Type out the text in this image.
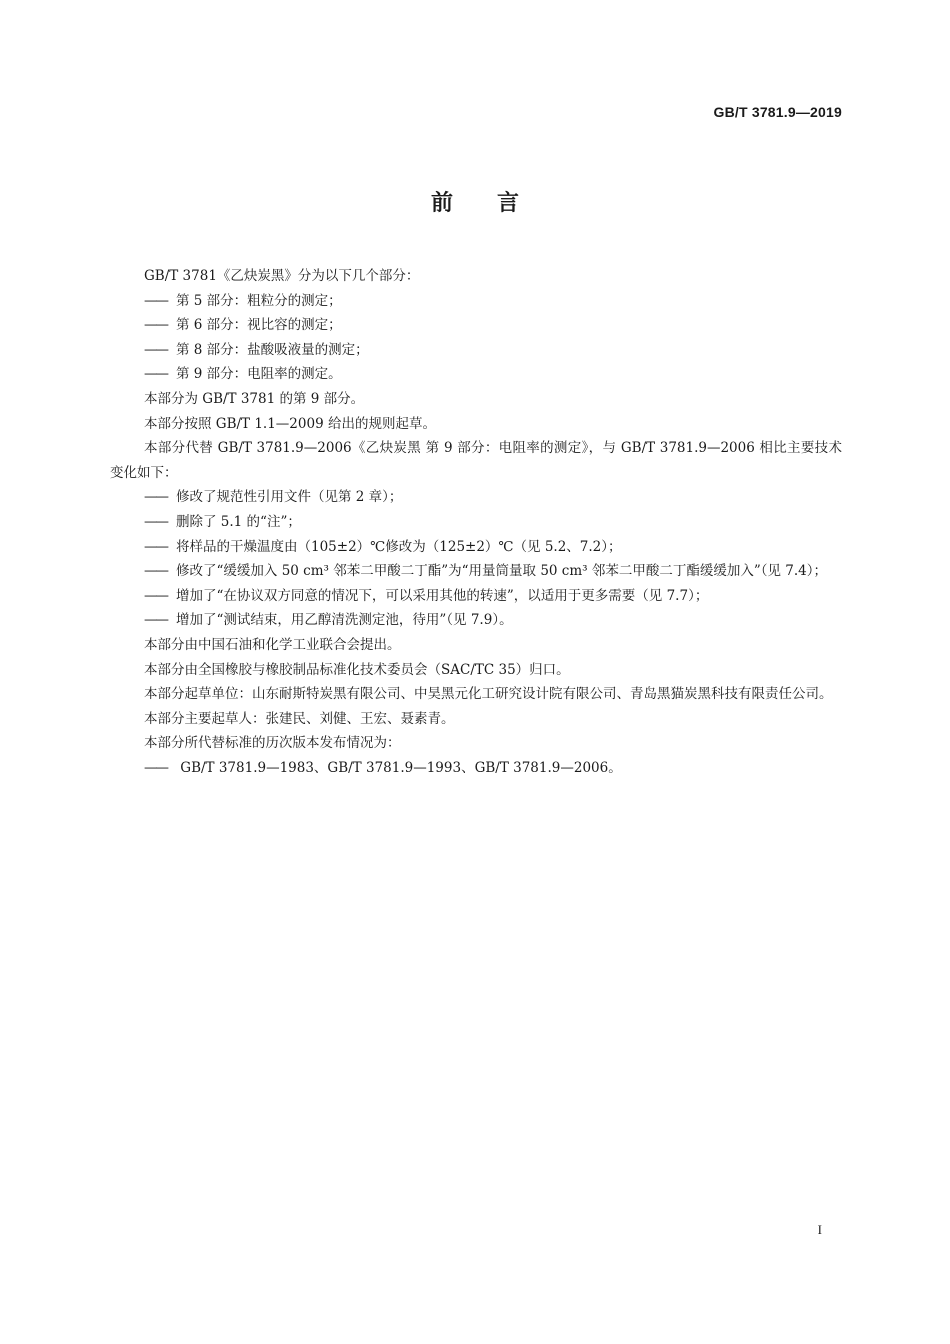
GB/T 3781.9—2019
前言

GB/T 3781《乙炔炭黑》分为以下几个部分：

—— 第 5 部分：粗粒分的测定；

—— 第 6 部分：视比容的测定；

—— 第 8 部分：盐酸吸液量的测定；

—— 第 9 部分：电阻率的测定。

本部分为 GB/T 3781 的第 9 部分。

本部分按照 GB/T 1.1—2009 给出的规则起草。

本部分代替 GB/T 3781.9—2006《乙炔炭黑 第 9 部分：电阻率的测定》，与 GB/T 3781.9—2006 相比主要技术变化如下：

—— 修改了规范性引用文件（见第 2 章）；

—— 删除了 5.1 的“注”；

—— 将样品的干燥温度由（105±2）℃修改为（125±2）℃（见 5.2、7.2）；

—— 修改了“缓缓加入 50 cm³ 邻苯二甲酸二丁酯”为“用量筒量取 50 cm³ 邻苯二甲酸二丁酯缓缓加入”（见 7.4）；

—— 增加了“在协议双方同意的情况下，可以采用其他的转速”，以适用于更多需要（见 7.7）；

—— 增加了“测试结束，用乙醇清洗测定池，待用”（见 7.9）。

本部分由中国石油和化学工业联合会提出。

本部分由全国橡胶与橡胶制品标准化技术委员会（SAC/TC 35）归口。

本部分起草单位：山东耐斯特炭黑有限公司、中昊黑元化工研究设计院有限公司、青岛黑猫炭黑科技有限责任公司。

本部分主要起草人：张建民、刘健、王宏、聂素青。

本部分所代替标准的历次版本发布情况为：

—— GB/T 3781.9—1983、GB/T 3781.9—1993、GB/T 3781.9—2006。

I
